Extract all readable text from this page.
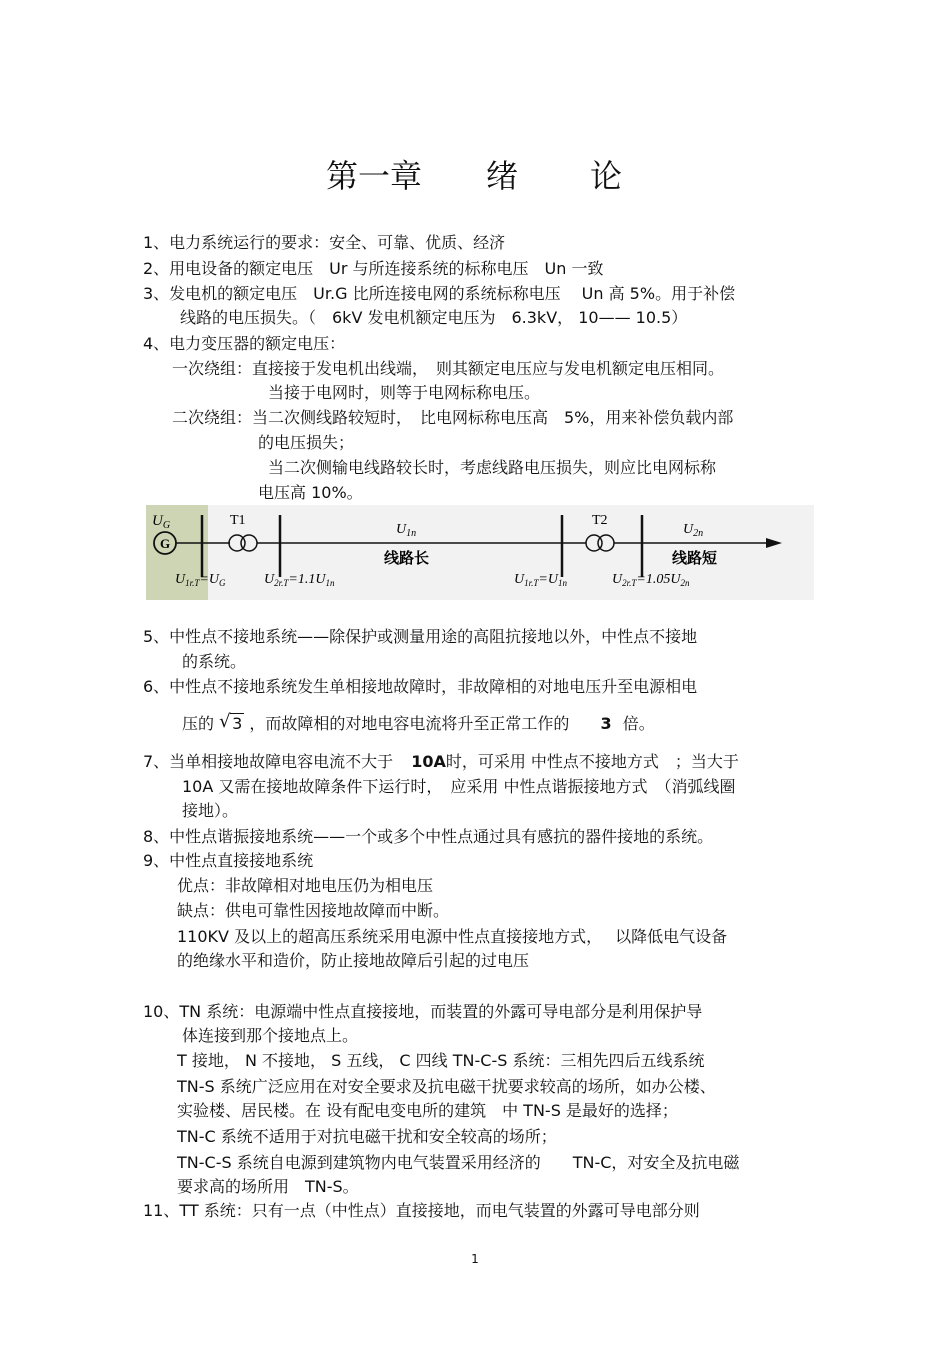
第一章 绪 论
1、电力系统运行的要求：安全、可靠、优质、经济
2、用电设备的额定电压　Ur 与所连接系统的标称电压　Un 一致
3、发电机的额定电压　Ur.G 比所连接电网的系统标称电压　 Un 高 5%。用于补偿
线路的电压损失。（　6kV 发电机额定电压为　6.3kV， 10—— 10.5）
4、电力变压器的额定电压：
一次绕组：直接接于发电机出线端，　则其额定电压应与发电机额定电压相同。
当接于电网时，则等于电网标称电压。
二次绕组：当二次侧线路较短时，　比电网标称电压高　5%，用来补偿负载内部
的电压损失；
当二次侧输电线路较长时，考虑线路电压损失，则应比电网标称
电压高 10%。
$U_G$
G
T1
$U_{1n}$
线路长
T2
$U_{2n}$
线路短
$U_{1r.T}=U_G$	$U_{2r.T}=1.1U_{1n}$	$U_{1r.T}=U_{1n}$	$U_{2r.T}=1.05U_{2n}$
5、中性点不接地系统——除保护或测量用途的高阻抗接地以外，中性点不接地
的系统。
6、中性点不接地系统发生单相接地故障时，非故障相的对地电压升至电源相电
压的 √ 3 ，而故障相的对地电容电流将升至正常工作的 3 倍。
7、当单相接地故障电容电流不大于 10A时，可采用 中性点不接地方式　；当大于
10A 又需在接地故障条件下运行时，　应采用 中性点谐振接地方式　（消弧线圈
接地）。
8、中性点谐振接地系统——一个或多个中性点通过具有感抗的器件接地的系统。
9、中性点直接接地系统
优点：非故障相对地电压仍为相电压
缺点：供电可靠性因接地故障而中断。
110KV 及以上的超高压系统采用电源中性点直接接地方式，　 以降低电气设备
的绝缘水平和造价，防止接地故障后引起的过电压
10、TN 系统：电源端中性点直接接地，而装置的外露可导电部分是利用保护导
体连接到那个接地点上。
T 接地， N 不接地， S 五线， C 四线 TN-C-S 系统：三相先四后五线系统
TN-S 系统广泛应用在对安全要求及抗电磁干扰要求较高的场所，如办公楼、
实验楼、居民楼。在 设有配电变电所的建筑　中 TN-S 是最好的选择；
TN-C 系统不适用于对抗电磁干扰和安全较高的场所；
TN-C-S 系统自电源到建筑物内电气装置采用经济的　　TN-C，对安全及抗电磁
要求高的场所用　TN-S。
11、TT 系统：只有一点（中性点）直接接地，而电气装置的外露可导电部分则
1
